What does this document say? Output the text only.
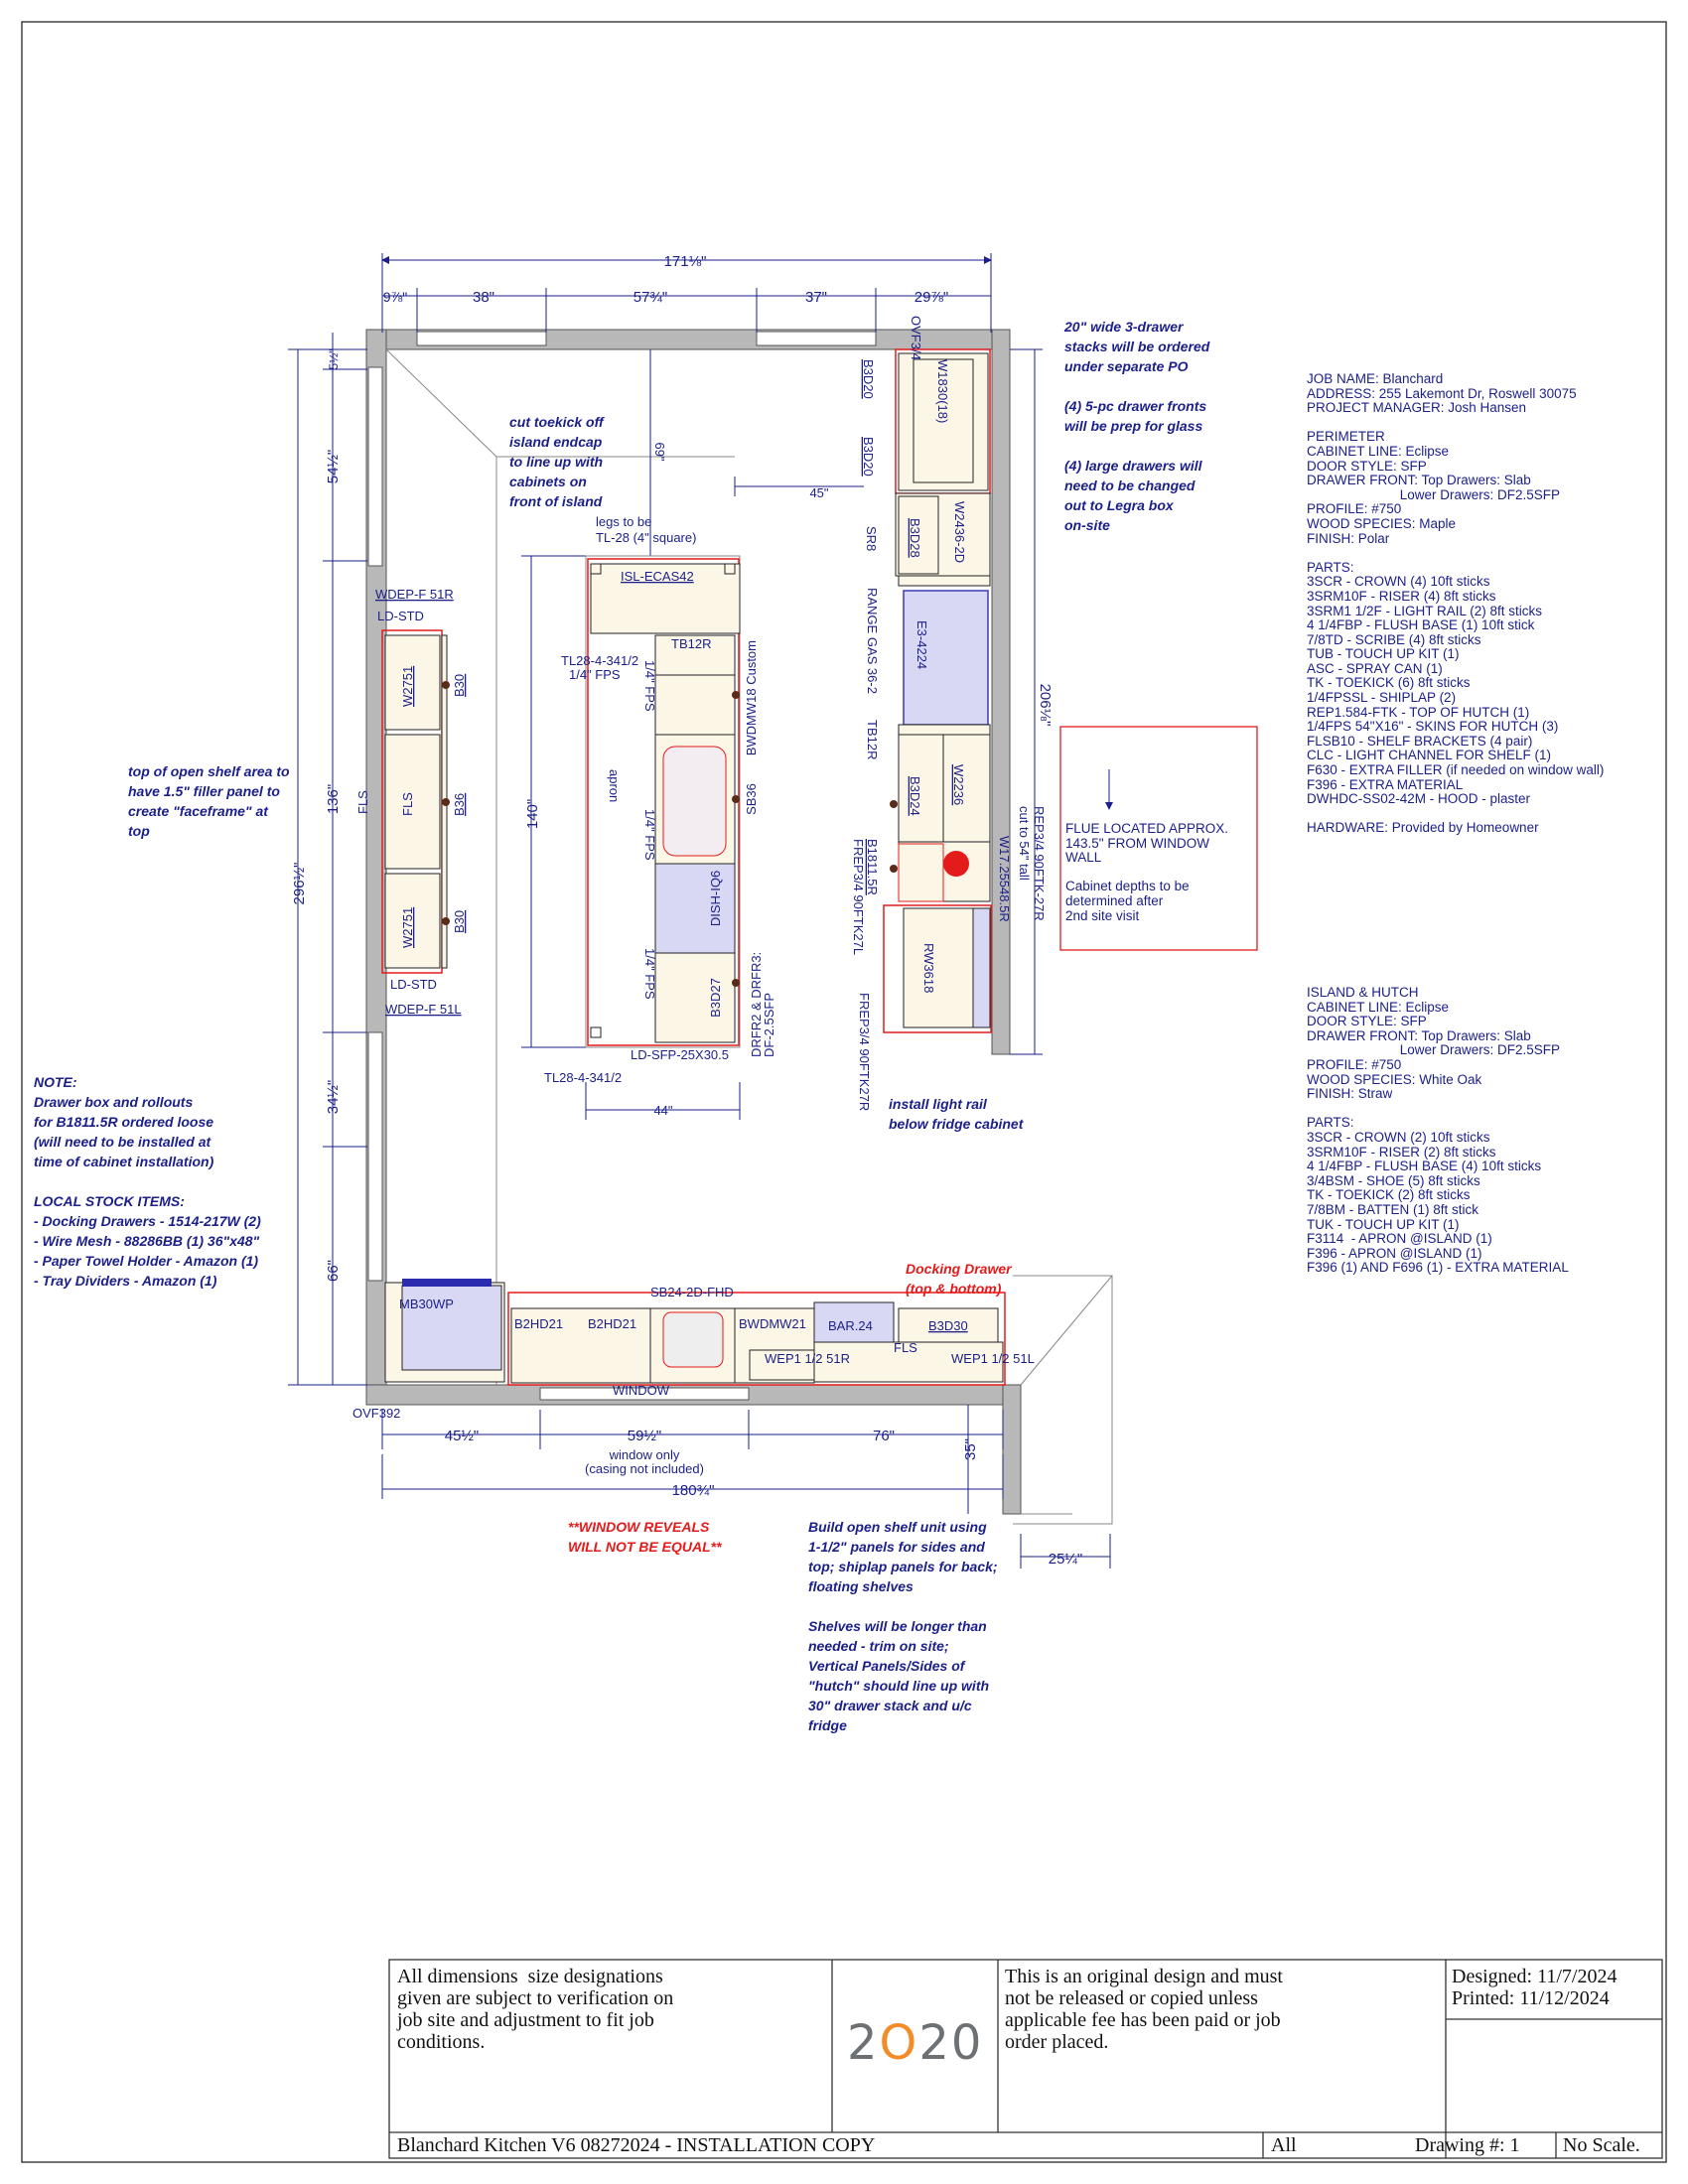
171⅛"
9⅞"	38"	57¾"	37"	29⅞"
296½"
5½"
54½"
136"
34½"
66"
206⅛"
45½"	59½"	76"
180¾"
25¼"
35"
140"
44"
69"
45"
WDEP-F 51R
LD-STD
W2751	B30
FLS FLS	B36
W2751	B30
LD-STD
WDEP-F 51L
legs to be
TL-28 (4" square)
ISL-ECAS42
TB12R
TL28-4-341/2
1/4" FPS 1/4" FPS	BWDMW18 Custom
apron	SB36
1/4" FPS
DISH-IQ6
1/4" FPS	B3D27 DRFR2 & DRFR3:
DF-2.5SFP
LD-SFP-25X30.5
TL28-4-341/2
B3D20
B3D20
SR8
RANGE GAS 36-2
TB12R
B1811.5R
FREP3/4 90FTK27L
FREP3/4 90FTK27R
OVF3/4
W1830(18)
B3D28 W2436-2D
E3-4224
W2236
B3D24
W17.25548.5R cut to 54" tall REP3/4 90FTK-27R
RW3618
MB30WP
B2HD21 B2HD21
SB24-2D-FHD
BWDMW21 BAR.24	B3D30
FLS
WEP1 1/2 51R	WEP1 1/2 51L
WINDOW
OVF392
window only
(casing not included)

cut toekick off
island endcap
to line up with
cabinets on
front of island

top of open shelf area to
have 1.5" filler panel to
create "faceframe" at
top

20" wide 3-drawer
stacks will be ordered
under separate PO

(4) 5-pc drawer fronts
will be prep for glass

(4) large drawers will
need to be changed
out to Legra box
on-site

NOTE:
Drawer box and rollouts
for B1811.5R ordered loose
(will need to be installed at
time of cabinet installation)

LOCAL STOCK ITEMS:
- Docking Drawers - 1514-217W (2)
- Wire Mesh - 88286BB (1) 36"x48"
- Paper Towel Holder - Amazon (1)
- Tray Dividers - Amazon (1)

install light rail
below fridge cabinet

Docking Drawer
(top & bottom)

**WINDOW REVEALS
WILL NOT BE EQUAL**

Build open shelf unit using
1-1/2" panels for sides and
top; shiplap panels for back;
floating shelves

Shelves will be longer than
needed - trim on site;
Vertical Panels/Sides of
"hutch" should line up with
30" drawer stack and u/c
fridge

FLUE LOCATED APPROX.
143.5" FROM WINDOW
WALL

Cabinet depths to be
determined after
2nd site visit

JOB NAME: Blanchard
ADDRESS: 255 Lakemont Dr, Roswell 30075
PROJECT MANAGER: Josh Hansen

PERIMETER
CABINET LINE: Eclipse
DOOR STYLE: SFP
DRAWER FRONT: Top Drawers: Slab
Lower Drawers: DF2.5SFP
PROFILE: #750
WOOD SPECIES: Maple
FINISH: Polar

PARTS:
3SCR - CROWN (4) 10ft sticks
3SRM10F - RISER (4) 8ft sticks
3SRM1 1/2F - LIGHT RAIL (2) 8ft sticks
4 1/4FBP - FLUSH BASE (1) 10ft stick
7/8TD - SCRIBE (4) 8ft sticks
TUB - TOUCH UP KIT (1)
ASC - SPRAY CAN (1)
TK - TOEKICK (6) 8ft sticks
1/4FPSSL - SHIPLAP (2)
REP1.584-FTK - TOP OF HUTCH (1)
1/4FPS 54"X16" - SKINS FOR HUTCH (3)
FLSB10 - SHELF BRACKETS (4 pair)
CLC - LIGHT CHANNEL FOR SHELF (1)
F630 - EXTRA FILLER (if needed on window wall)
F396 - EXTRA MATERIAL
DWHDC-SS02-42M - HOOD - plaster

HARDWARE: Provided by Homeowner

ISLAND & HUTCH
CABINET LINE: Eclipse
DOOR STYLE: SFP
DRAWER FRONT: Top Drawers: Slab
Lower Drawers: DF2.5SFP
PROFILE: #750
WOOD SPECIES: White Oak
FINISH: Straw

PARTS:
3SCR - CROWN (2) 10ft sticks
3SRM10F - RISER (2) 8ft sticks
4 1/4FBP - FLUSH BASE (4) 10ft sticks
3/4BSM - SHOE (5) 8ft sticks
TK - TOEKICK (2) 8ft sticks
7/8BM - BATTEN (1) 8ft stick
TUK - TOUCH UP KIT (1)
F3114  - APRON @ISLAND (1)
F396 - APRON @ISLAND (1)
F396 (1) AND F696 (1) - EXTRA MATERIAL

All dimensions  size designations
given are subject to verification on
job site and adjustment to fit job
conditions.	2O20

This is an original design and must
not be released or copied unless
applicable fee has been paid or job
order placed.

Designed: 11/7/2024

Printed: 11/12/2024

Blanchard Kitchen V6 08272024 - INSTALLATION COPY	All	Drawing #: 1 No Scale.
